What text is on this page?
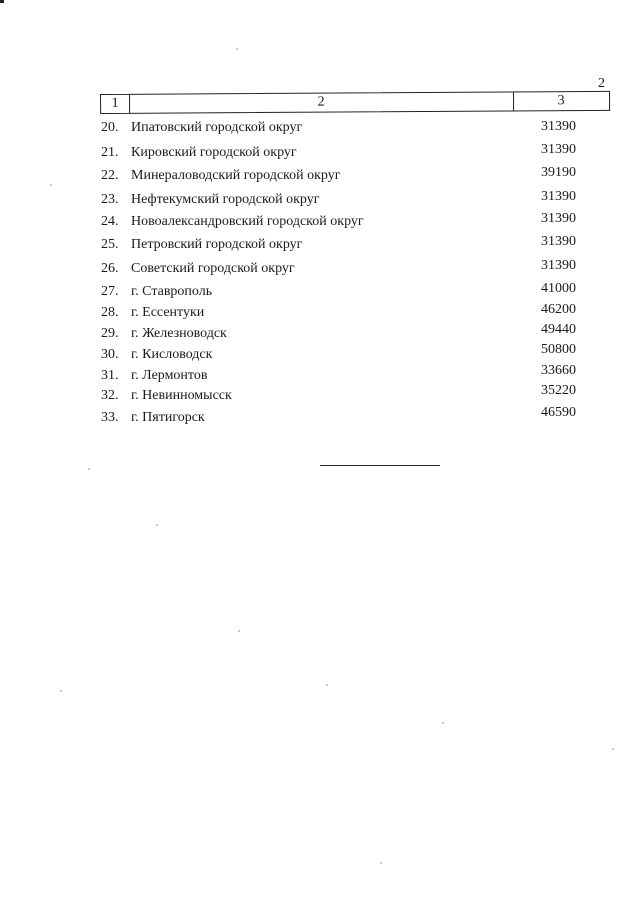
2
1	2	3
20. Ипатовский городской округ	31390
21. Кировский городской округ	31390
22. Минераловодский городской округ	39190
23. Нефтекумский городской округ	31390
24. Новоалександровский городской округ	31390
25. Петровский городской округ	31390
26. Советский городской округ	31390
27. г. Ставрополь	41000
28. г. Ессентуки	46200
29. г. Железноводск	49440
30. г. Кисловодск	50800
31. г. Лермонтов	33660
32. г. Невинномысск	35220
33. г. Пятигорск	46590
